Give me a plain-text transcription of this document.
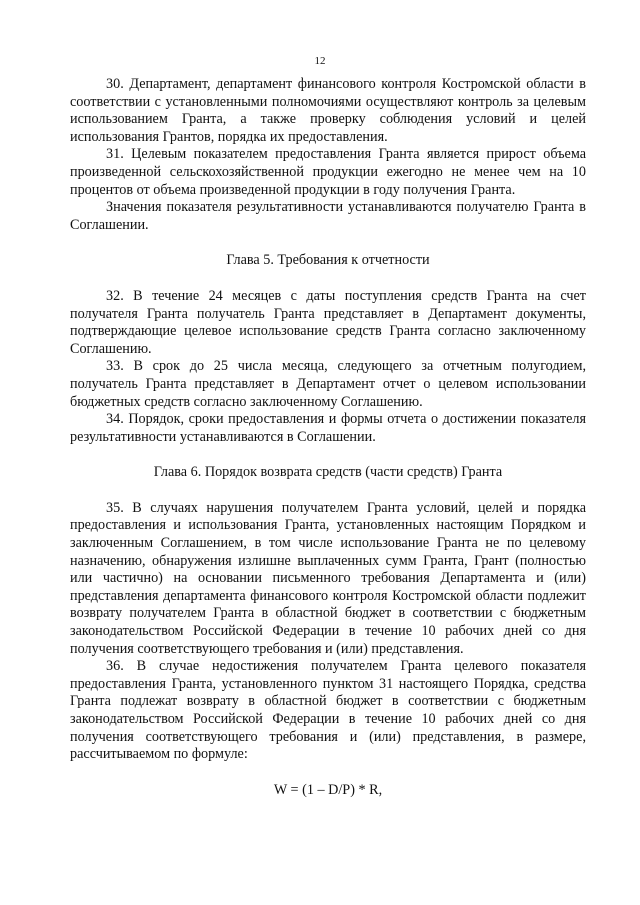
12

30. Департамент, департамент финансового контроля Костромской области в соответствии с установленными полномочиями осуществляют контроль за целевым использованием Гранта, а также проверку соблюдения условий и целей использования Грантов, порядка их предоставления.

31. Целевым показателем предоставления Гранта является прирост объема произведенной сельскохозяйственной продукции ежегодно не менее чем на 10 процентов от объема произведенной продукции в году получения Гранта.

Значения показателя результативности устанавливаются получателю Гранта в Соглашении.

Глава 5. Требования к отчетности

32. В течение 24 месяцев с даты поступления средств Гранта на счет получателя Гранта получатель Гранта представляет в Департамент документы, подтверждающие целевое использование средств Гранта согласно заключенному Соглашению.

33. В срок до 25 числа месяца, следующего за отчетным полугодием, получатель Гранта представляет в Департамент отчет о целевом использовании бюджетных средств согласно заключенному Соглашению.

34. Порядок, сроки предоставления и формы отчета о достижении показателя результативности устанавливаются в Соглашении.

Глава 6. Порядок возврата средств (части средств) Гранта

35. В случаях нарушения получателем Гранта условий, целей и порядка предоставления и использования Гранта, установленных настоящим Порядком и заключенным Соглашением, в том числе использование Гранта не по целевому назначению, обнаружения излишне выплаченных сумм Гранта, Грант (полностью или частично) на основании письменного требования Департамента и (или) представления департамента финансового контроля Костромской области подлежит возврату получателем Гранта в областной бюджет в соответствии с бюджетным законодательством Российской Федерации в течение 10 рабочих дней со дня получения соответствующего требования и (или) представления.

36. В случае недостижения получателем Гранта целевого показателя предоставления Гранта, установленного пунктом 31 настоящего Порядка, средства Гранта подлежат возврату в областной бюджет в соответствии с бюджетным законодательством Российской Федерации в течение 10 рабочих дней со дня получения соответствующего требования и (или) представления, в размере, рассчитываемом по формуле:

W = (1 – D/P) * R,
